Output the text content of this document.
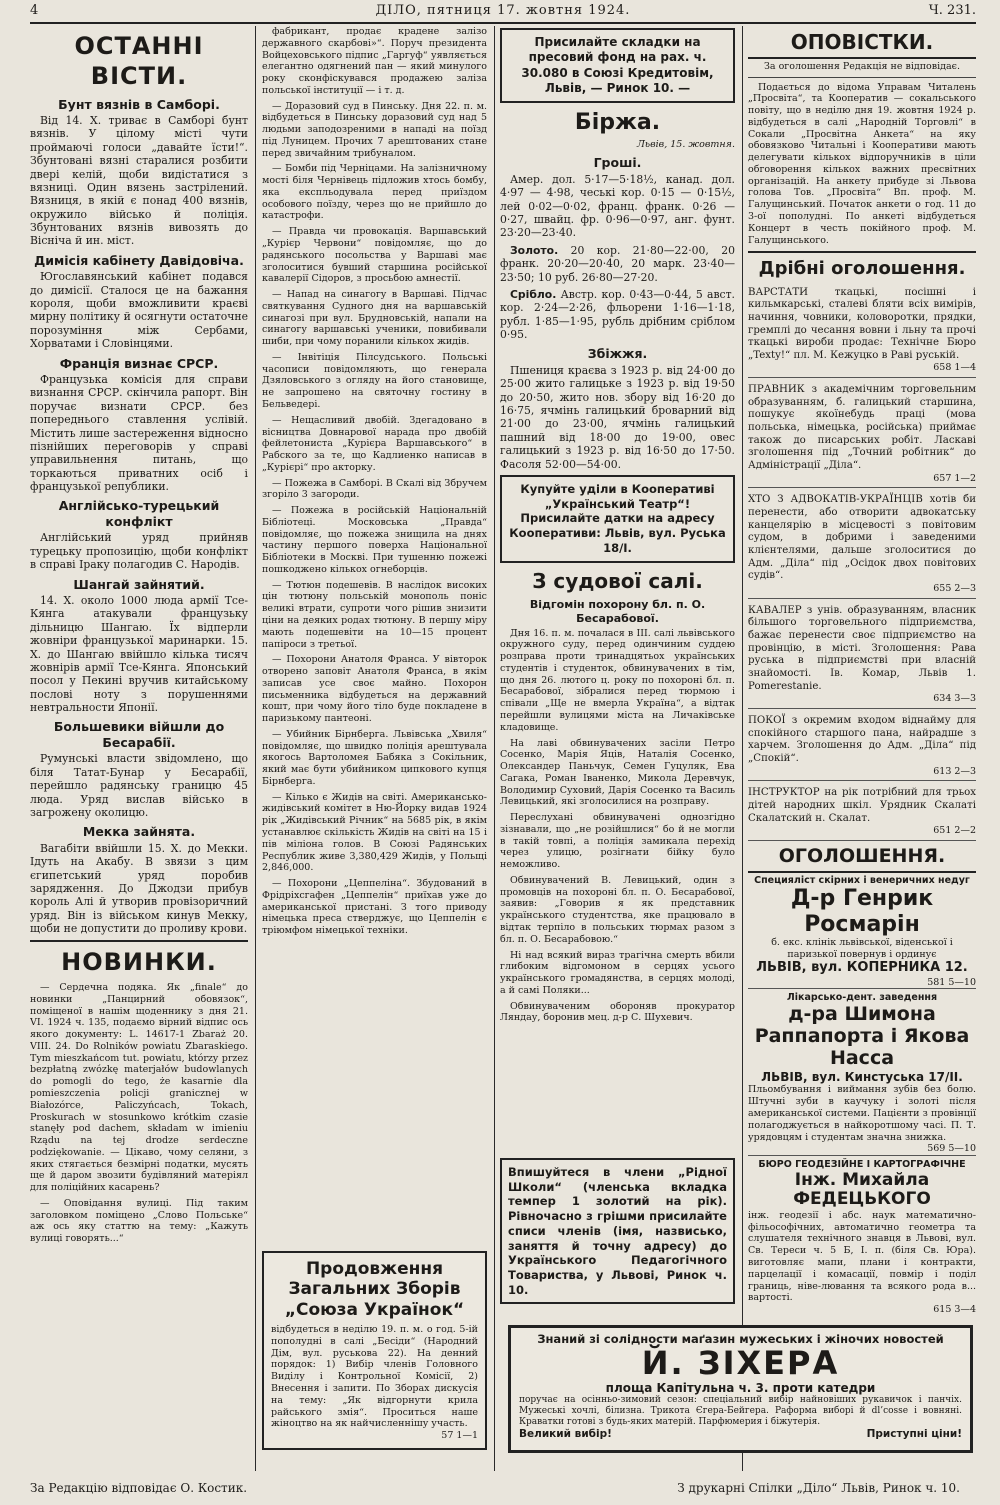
4	ДІЛО, пятниця 17. жовтня 1924.	Ч. 231.
ОСТАННІ ВІСТИ.
Бунт вязнів в Самборі.

Від 14. Х. триває в Самборі бунт вязнів. У цілому місті чути проймаючі голоси „давайте їсти!“. Збунтовані вязні старалися розбити двері келій, щоби видістатися з вязниці. Один вязень застрілений. Вязниця, в якій є понад 400 вязнів, окружило військо й поліція. Збунтованих вязнів вивозять до Вісніча й ин. міст.

Димісія кабінету Давідовіча.

Югославянський кабінет подався до димісії. Сталося це на бажання короля, щоби вможливити краєві мирну політику й осягнути остаточне порозуміння між Сербами, Хорватами і Словінцями.

Франція визнає СРСР.

Французька комісія для справи визнання СРСР. скінчила рапорт. Він поручає визнати СРСР. без попереднього ставлення услівій. Містить лише застереження відносно пізнійших переговорів у справі управильнення питань, що торкаються приватних осіб і французької републики.

Англійсько-турецький конфлікт

Англійський уряд прийняв турецьку пропозицію, щоби конфлікт в справі Іраку полагодив С. Народів.

Шангай зайнятий.

14. Х. около 1000 люда армії Тсе-Кянга атакували французьку дільницю Шангаю. Їх відперли жовніри французької маринарки. 15. Х. до Шангаю ввійшло кілька тисяч жовнірів армії Тсе-Кянга. Японський посол у Пекині вручив китайському послові ноту з порушеннями невтральности Японії.

Большевики війшли до Бесарабії.

Румунські власти звідомлено, що біля Татат-Бунар у Бесарабії, перейшло радянську границю 45 люда. Уряд вислав військо в загрожену околицю.

Мекка зайнята.

Вагабіти ввійшли 15. Х. до Мекки. Ідуть на Акабу. В звязи з цим єгипетський уряд поробив зарядження. До Джодзи прибув король Алі й утворив провізоричний уряд. Він із військом кинув Мекку, щоби не допустити до проливу крови.

НОВИНКИ.

— Сердечна подяка. Як „finale“ до новинки „Панцирний обовязок“, поміщеної в нашім щоденнику з дня 21. VI. 1924 ч. 135, подаємо вірний відпис ось якого документу: L. 14617-1 Zbaraż 20. VIII. 24. Do Rolników powiatu Zbaraskiego. Tym mieszkańcom tut. powiatu, którzy przez bezpłatną zwózkę materjałów budowlanych do pomogli do tego, że kasarnie dla pomieszczenia policji granicznej w Białozórce, Paliczyńcach, Tokach, Proskurach w stosunkowo krótkim czasie stanęły pod dachem, składam w imieniu Rządu na tej drodze serdeczne podziękowanie. — Цікаво, чому селяни, з яких стягається безмірні податки, мусять ще й даром звозити будівляний матеріял для поліційних касарень?

— Оповідання вулиці. Під таким заголовком поміщено „Слово Польське“ аж ось яку статтю на тему: „Кажуть вулиці говорять...“

фабрикант, продає крадене залізо державного скарбові»“. Поруч президента Войцеховського підпис „Гаргуф“ уявляється елегантно одягнений пан — який минулого року сконфіскувався продажею заліза польської інституції — і т. д.

— Доразовий суд в Пинську. Дня 22. п. м. відбудеться в Пинську доразовий суд над 5 людьми заподозреними в нападі на поїзд під Луницем. Прочих 7 арештованих стане перед звичайним трибуналом.

— Бомби під Черніцами. На залізничному мості біля Чернівець підложив хтось бомбу, яка експльодувала перед приїздом особового поїзду, через що не прийшло до катастрофи.

— Правда чи провокація. Варшавський „Курієр Червони“ повідомляє, що до радянського посольства у Варшаві має зголоситися бувший старшина російської кавалерії Сідоров, з просьбою амнестії.

— Напад на синагогу в Варшаві. Підчас святкування Судного дня на варшавській синагозі при вул. Брудновській, напали на синагогу варшавські ученики, повибивали шиби, при чому поранили кількох жидів.

— Інвітіція Пілсудського. Польські часописи повідомляють, що генерала Дзяловського з огляду на його становище, не запрошено на святочну гостину в Бельведері.

— Нещасливий двобій. Здегадовано в вісництва Довнарової нарада про двобій фейлетониста „Курієра Варшавського“ в Рабского за те, що Кадлиенко написав в „Курієрі“ про акторку.

— Пожежа в Самборі. В Скалі від Збручем згоріло 3 загороди.

— Пожежа в російській Національній Бібліотеці. Московська „Правда“ повідомляє, що пожежа знищила на днях частину першого поверха Національної Бібліотеки в Москві. При тушенню пожежі пошкоджено кількох огнеборців.

— Тютюн подешевів. В наслідок високих цін тютюну польській монополь поніс великі втрати, супроти чого рішив знизити ціни на деяких родах тютюну. В першу міру мають подешевіти на 10—15 процент папіроси з третьої.

— Похорони Анатоля Франса. У вівторок отворено заповіт Анатоля Франса, в якім записав усе своє майно. Похорон письменника відбудеться на державний кошт, при чому його тіло буде покладене в паризькому пантеоні.

— Убийник Бірнберга. Львівська „Хвиля“ повідомляє, що швидко поліція арештувала якогось Вартоломея Бабяка з Сокільник, який має бути убийником ципкового купця Бірнберга.

— Кілько є Жидів на світі. Американсько-жидівський комітет в Ню-Йорку видав 1924 рік „Жидівський Річник“ на 5685 рік, в якім устанавлює скількість Жидів на світі на 15 і пів міліона голов. В Союзі Радянських Республик живе 3,380,429 Жидів, у Польщі 2,846,000.

— Похорони „Цеппеліна“. Збудований в Фрідріхсгафен „Цеппелін“ приїхав уже до американської пристані. З того приводу німецька преса стверджує, що Цеппелін є тріюмфом німецької техніки.

Продовження Загальних Зборів „Союза Українок“
відбудеться в неділю 19. п. м. о год. 5-ій пополудні в салі „Бесіди“ (Народний Дім, вул. руськова 22). На денний порядок: 1) Вибір членів Головного Виділу і Контрольної Комісії, 2) Внесення і запити. По Зборах дискусія на тему: „Як відгорнути крила райського змія“. Проситься наше жіноцтво на як найчисленнішу участь.
57 1—1
Присилайте складки на пресовий фонд на рах. ч. 30.080 в Союзі Кредитовім, Львів, — Ринок 10. —
Біржа.
Львів, 15. жовтня.
Гроші.

Амер. дол. 5·17—5·18½, канад. дол. 4·97 — 4·98, чеські кор. 0·15 — 0·15½, лей 0·02—0·02, франц. франк. 0·26 — 0·27, швайц. фр. 0·96—0·97, анг. фунт. 23·20—23·40.

Золото. 20 кор. 21·80—22·00, 20 франк. 20·20—20·40, 20 марк. 23·40—23·50; 10 руб. 26·80—27·20.

Срібло. Австр. кор. 0·43—0·44, 5 авст. кор. 2·24—2·26, фльорени 1·16—1·18, рубл. 1·85—1·95, рубль дрібним сріблом 0·95.

Збіжжя.

Пшениця краєва з 1923 р. від 24·00 до 25·00 жито галицьке з 1923 р. від 19·50 до 20·50, жито нов. збору від 16·20 до 16·75, ячмінь галицький броварний від 21·00 до 23·00, ячмінь галицький пашний від 18·00 до 19·00, овес галицький з 1923 р. від 16·50 до 17·50. Фасоля 52·00—54·00.

Купуйте уділи в Кооперативі „Український Театр“! Присилайте датки на адресу Кооперативи: Львів, вул. Руська 18/I.
З судової салі.
Відгомін похорону бл. п. О. Бесарабової.

Дня 16. п. м. почалася в III. салі львівського окружного суду, перед одинчиним суддею розправа проти тринадцятьох українських студентів і студенток, обвинувачених в тім, що дня 26. лютого ц. року по похороні бл. п. Бесарабової, зібралися перед тюрмою і співали „Ще не вмерла Україна“, а відтак перейшли вулицями міста на Личаківське кладовище.

На лаві обвинувачених засіли Петро Сосенко, Марія Яців, Наталія Сосенко, Олександер Паньчук, Семен Гуцуляк, Ева Сагака, Роман Іваненко, Микола Деревчук, Володимир Суховий, Дарія Сосенко та Василь Левицький, які зголосилися на розправу.

Переслухані обвинувачені однозгідно зізнавали, що „не розійшлися“ бо й не могли в такій товпі, а поліція замикала перехід через улицю, розігнати бійку було неможливо.

Обвинувачений В. Левицький, один з промовців на похороні бл. п. О. Бесарабової, заявив: „Говорив я як представник українського студентства, яке працювало в відтак терпіло в польських тюрмах разом з бл. п. О. Бесарабовою.“

Ні над всякий вираз трагічна смерть вбили глибоким відгомоном в серцях усього українського громадянства, в серцях молоді, а й самі Поляки...

Обвинуваченим обороняв прокуратор Ляндау, боронив мец. д-р С. Шухевич.

Впишуйтеся в члени „Рідної Школи“ (членська вкладка темпер 1 золотий на рік). Рівночасно з грішми присилайте списи членів (імя, назвисько, заняття й точну адресу) до Українського Педагогічного Товариства, у Львові, Ринок ч. 10.
ОПОВІСТКИ.
За оголошення Редакція не відповідає.

Подається до відома Управам Читалень „Просвіта“, та Кооператив — сокальського повіту, що в неділю дня 19. жовтня 1924 р. відбудеться в салі „Народній Торговлі“ в Сокали „Просвітна Анкета“ на яку обовязково Читальні і Кооперативи мають делегувати кількох відпоручників в ціли обговорення кількох важних пресвітних організацій. На анкету прибуде зі Львова голова Тов. „Просвіта“ Вп. проф. М. Галущинський. Початок анкети о год. 11 до 3-ої пополудні. По анкеті відбудеться Концерт в честь покійного проф. М. Галущинського.

Дрібні оголошення.
ВАРСТАТИ ткацькі, посішні і кильмкарські, сталеві бляти всіх вимірів, начиння, човники, коловоротки, прядки, гремплі до чесання вовни і льну та прочі ткацькі вироби продає: Технічне Бюро „Texty!“ пл. М. Кежуцко в Раві руській.
658 1—4
ПРАВНИК з академічним торговельним образуванням, б. галицький старшина, пошукує якоїнебудь праці (мова польська, німецька, російська) приймає також до писарських робіт. Ласкаві зголошення під „Точний робітник“ до Адміністрації „Діла“.
657 1—2
ХТО З АДВОКАТІВ-УКРАЇНЦІВ хотів би перенести, або отворити адвокатську канцелярію в місцевості з повітовим судом, в добрими і заведеними клієнтелями, дальше зголоситися до Адм. „Діла“ під „Осідок двох повітових судів“.
655 2—3
КАВАЛЕР з унів. образуванням, власник більшого торговельного підприємства, бажає перенести своє підприємство на провінцію, в місті. Зголошення: Рава руська в підприємстві при власній знайомості. Ів. Комар, Львів 1. Pomerestanie.
634 3—3
ПОКОЇ з окремим входом віднайму для спокійного старшого пана, найрадше з харчем. Зголошення до Адм. „Діла“ під „Спокій“.
613 2—3
ІНСТРУКТОР на рік потрібний для трьох дітей народних шкіл. Урядник Скалаті Скалатский н. Скалат.
651 2—2
ОГОЛОШЕННЯ.
Специяліст скірних і венеричних недуг
Д-р Генрик Росмарін
б. екс. клінік львівської, віденської і паризької повернув і ординує
ЛЬВІВ, вул. КОПЕРНИКА 12.
581 5—10
Лікарсько-дент. заведення
д-ра Шимона Раппапорта і Якова Насса
ЛЬВІВ, вул. Кинстуська 17/ІІ.
Пльомбування і виймання зубів без болю. Штучні зуби в каучуку і золоті після американської системи. Пацієнти з провінції полагоджується в найкоротшому часі. П. Т. урядовцям і студентам значна знижка.
569 5—10
БЮРО ГЕОДЕЗІЙНЕ І КАРТОГРАФІЧНЕ
Інж. Михайла ФЕДЕЦЬКОГО
інж. геодезії і абс. наук математично-фільософічних, автоматично геометра та слушателя технічного знавця в Львові, вул. Св. Тереси ч. 5 Б, І. п. (біля Св. Юра). виготовляє мапи, плани і контракти, парцелації і комасації, повмір і поділ границь, ніве-лювання та всякого рода в... вартості.
615 3—4
Знаний зі солідности маґазин мужеських і жіночих новостей
Й. ЗІХЕРА
площа Капітульна ч. 3. проти катедри
поручає на осінньо-зимовий сезон: спеціальний вибір найновіших рукавичок і панчіх. Мужеські хочлі, білизна. Трикота Єгера-Бейгера. Раформа виборі й dl’cosse і вовняні. Краватки готові з будь-яких матерій. Парфюмерия і біжутерія.
Великий вибір!	Приступні ціни!
За Редакцію відповідає О. Костик.	З друкарні Спілки „Діло“ Львів, Ринок ч. 10.
